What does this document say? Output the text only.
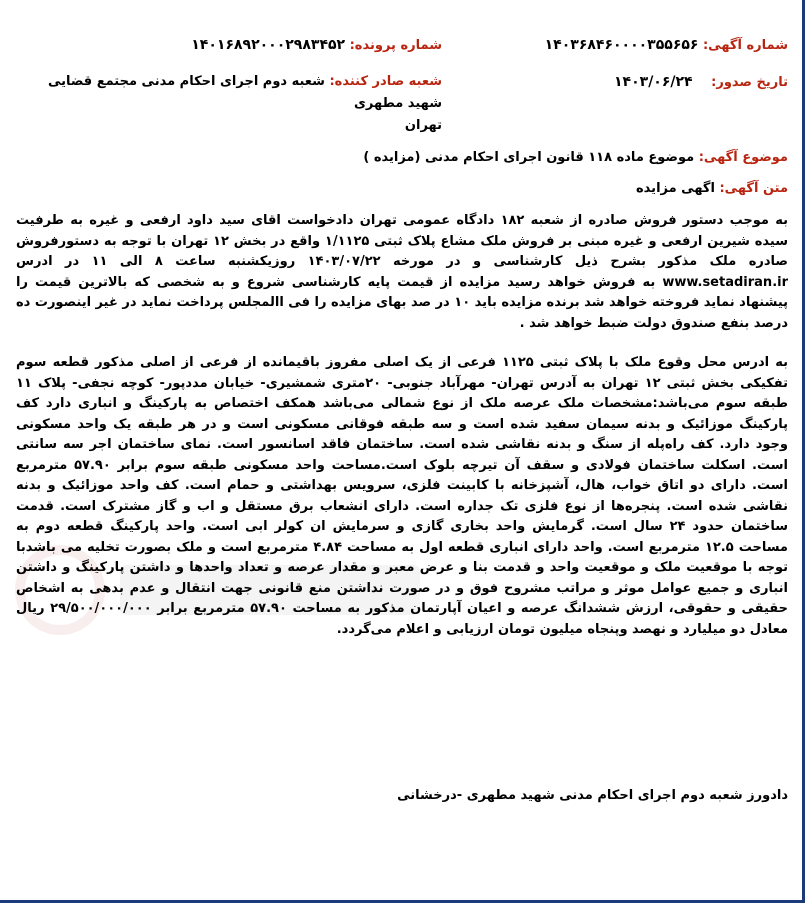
شماره آگهی: ۱۴۰۳۶۸۴۶۰۰۰۰۳۵۵۶۵۶
شماره پرونده: ۱۴۰۱۶۸۹۲۰۰۰۲۹۸۳۴۵۲
تاریخ صدور: ۱۴۰۳/۰۶/۲۴
شعبه صادر کننده: شعبه دوم اجرای احکام مدنی مجتمع قضایی شهید مطهری
تهران
موضوع آگهی: موضوع ماده ۱۱۸ قانون اجرای احکام مدنی (مزایده )
متن آگهی: اگهی مزایده
به موجب دستور فروش صادره از شعبه ۱۸۲ دادگاه عمومی تهران دادخواست اقای سید داود ارفعی و غیره به طرفیت سیده شیرین ارفعی و غیره مبنی بر فروش ملک مشاع پلاک ثبتی ۱/۱۱۲۵ واقع در بخش ۱۲ تهران با توجه به دستورفروش صادره ملک مذکور بشرح ذیل کارشناسی و در مورخه ۱۴۰۳/۰۷/۲۲ روزیکشنبه ساعت ۸ الی ۱۱ در ادرس www.setadiran.ir به فروش خواهد رسید مزایده از قیمت پایه کارشناسی شروع و به شخصی که بالاترین قیمت را پیشنهاد نماید فروخته خواهد شد برنده مزایده باید ۱۰ در صد بهای مزایده را فی االمجلس پرداخت نماید در غیر اینصورت ده درصد بنفع صندوق دولت ضبط خواهد شد .
به ادرس محل وقوع ملک با پلاک ثبتی ۱۱۲۵ فرعی از یک اصلی مفروز باقیمانده از فرعی از اصلی مذکور قطعه سوم تفکیکی بخش ثبتی ۱۲ تهران به آدرس تهران- مهرآباد جنوبی- ۲۰متری شمشیری- خیابان مددپور- کوچه نجفی- پلاک ۱۱ طبقه سوم می‌باشد:مشخصات ملک عرصه ملک از نوع شمالی می‌باشد همکف اختصاص به پارکینگ و انباری دارد کف پارکینگ موزائیک و بدنه سیمان سفید شده است و سه طبقه فوقانی مسکونی است و در هر طبقه یک واحد مسکونی وجود دارد. کف راه‌پله از سنگ و بدنه نقاشی شده است. ساختمان فاقد اسانسور است. نمای ساختمان اجر سه سانتی است. اسکلت ساختمان فولادی و سقف آن تیرچه بلوک است.مساحت واحد مسکونی طبقه سوم برابر ۵۷.۹۰ مترمربع است. دارای دو اتاق خواب، هال، آشپزخانه با کابینت فلزی، سرویس بهداشتی و حمام است. کف واحد موزائیک و بدنه نقاشی شده است. پنجره‌ها از نوع فلزی تک جداره است. دارای انشعاب برق مستقل و اب و گاز مشترک است. قدمت ساختمان حدود ۲۴ سال است. گرمایش واحد بخاری گازی و سرمایش ان کولر ابی است. واحد پارکینگ قطعه دوم به مساحت ۱۲.۵ مترمربع است. واحد دارای انباری قطعه اول به مساحت ۴.۸۴ مترمربع است و ملک بصورت تخلیه می باشدبا توجه با موقعیت ملک و موقعیت واحد و قدمت بنا و عرض معبر و مقدار عرصه و تعداد واحدها و داشتن پارکینگ و داشتن انباری و جمیع عوامل موثر و مراتب مشروح فوق و در صورت نداشتن منع قانونی جهت انتقال و عدم بدهی به اشخاص حقیقی و حقوقی، ارزش ششدانگ عرصه و اعیان آپارتمان مذکور به مساحت ۵۷.۹۰ مترمربع برابر ۲۹/۵۰۰/۰۰۰/۰۰۰ ریال معادل دو میلیارد و نهصد وپنجاه میلیون تومان ارزیابی و اعلام می‌گردد.
دادورز شعبه دوم اجرای احکام مدنی شهید مطهری -درخشانی
